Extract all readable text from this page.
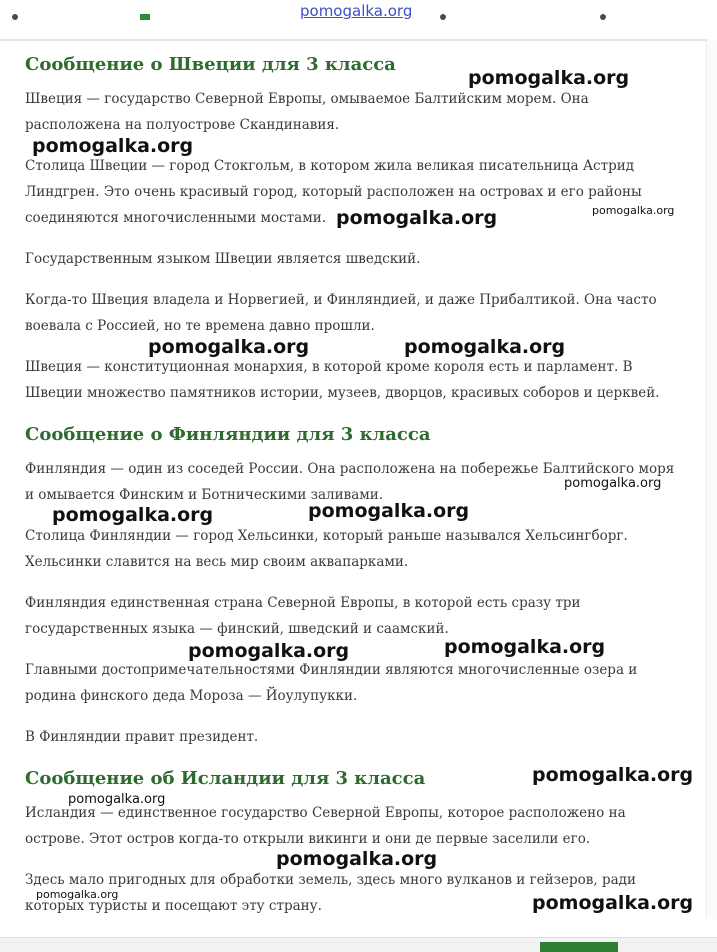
pomogalka.org
Сообщение о Швеции для 3 класса

Швеция — государство Северной Европы, омываемое Балтийским морем. Она расположена на полуострове Скандинавия.

Столица Швеции — город Стокгольм, в котором жила великая писательница Астрид Линдгрен. Это очень красивый город, который расположен на островах и его районы соединяются многочисленными мостами.

Государственным языком Швеции является шведский.

Когда-то Швеция владела и Норвегией, и Финляндией, и даже Прибалтикой. Она часто воевала с Россией, но те времена давно прошли.

Швеция — конституционная монархия, в которой кроме короля есть и парламент. В Швеции множество памятников истории, музеев, дворцов, красивых соборов и церквей.

Сообщение о Финляндии для 3 класса

Финляндия — один из соседей России. Она расположена на побережье Балтийского моря и омывается Финским и Ботническими заливами.

Столица Финляндии — город Хельсинки, который раньше назывался Хельсингборг. Хельсинки славится на весь мир своим аквапарками.

Финляндия единственная страна Северной Европы, в которой есть сразу три государственных языка — финский, шведский и саамский.

Главными достопримечательностями Финляндии являются многочисленные озера и родина финского деда Мороза — Йоулупукки.

В Финляндии правит президент.

Сообщение об Исландии для 3 класса

Исландия — единственное государство Северной Европы, которое расположено на острове. Этот остров когда-то открыли викинги и они де первые заселили его.

Здесь мало пригодных для обработки земель, здесь много вулканов и гейзеров, ради которых туристы и посещают эту страну.

pomogalka.org
pomogalka.org
pomogalka.org	pomogalka.org
pomogalka.org	pomogalka.org
pomogalka.org
pomogalka.org	pomogalka.org
pomogalka.org
pomogalka.org
pomogalka.org
pomogalka.org
pomogalka.org
pomogalka.org	pomogalka.org
